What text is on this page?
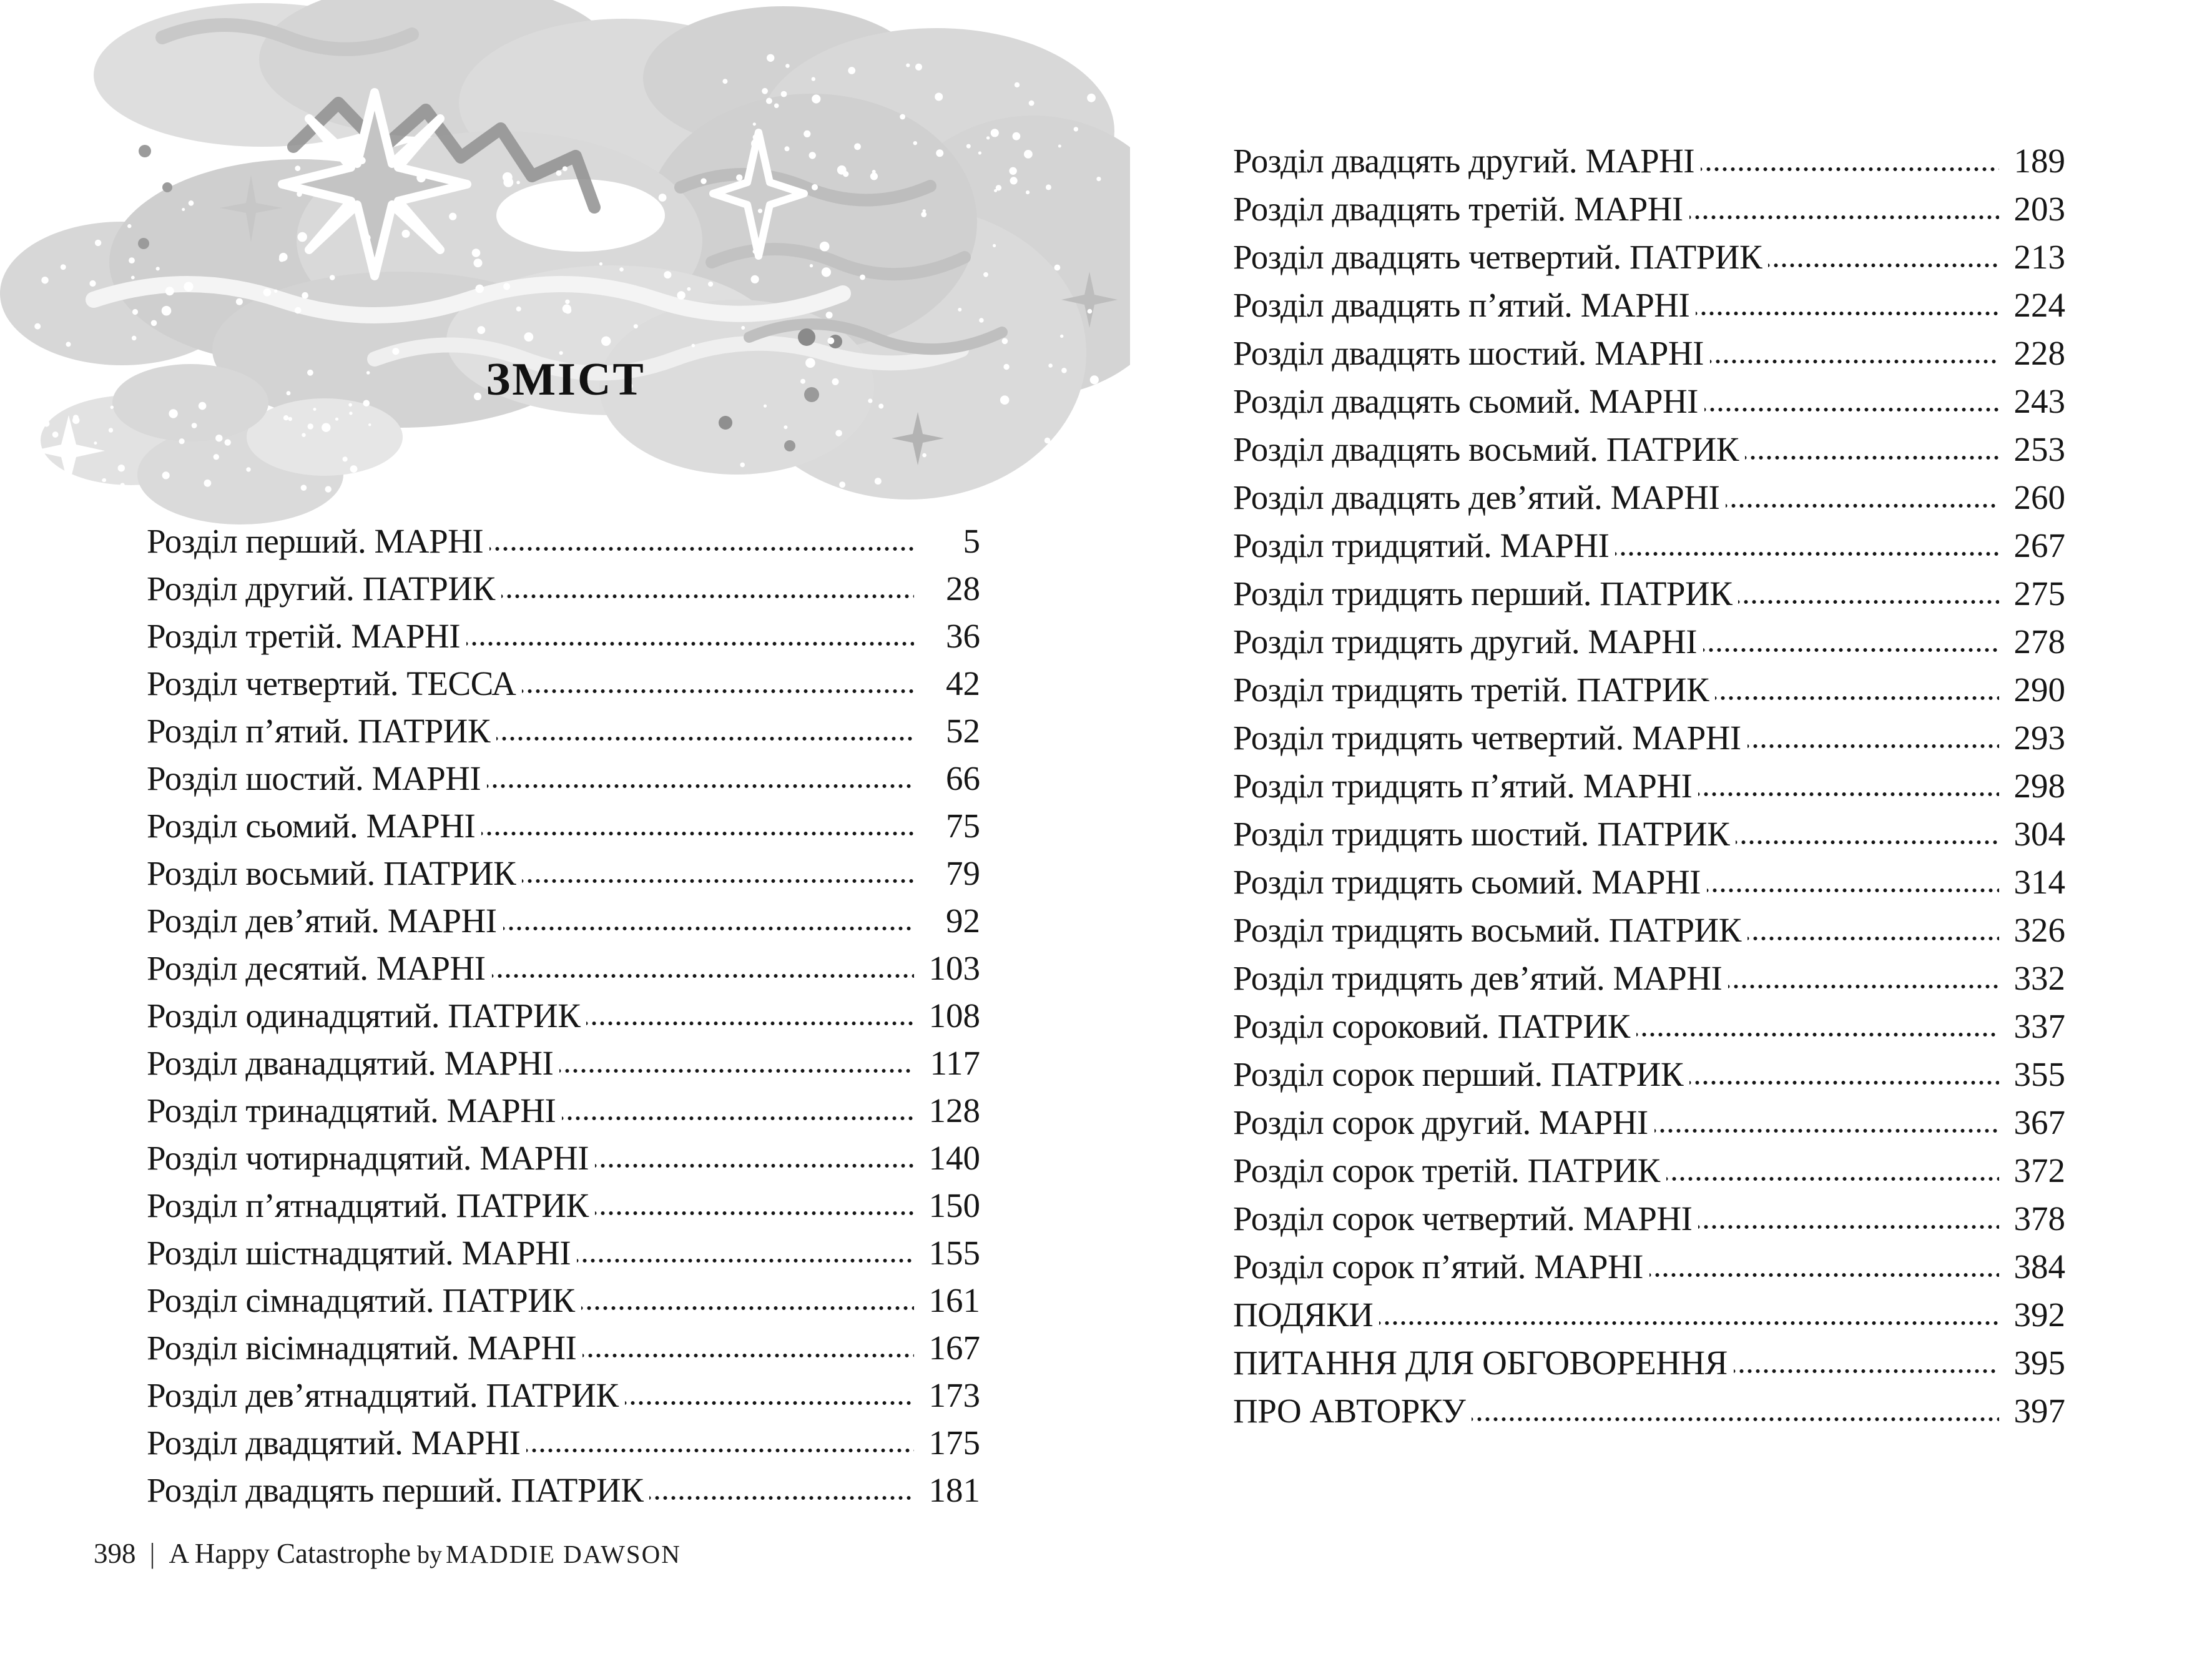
ЗМІСТ
Розділ перший. МАРНІ	5
Розділ другий. ПАТРИК	28
Розділ третій. МАРНІ	36
Розділ четвертий. ТЕССА	42
Розділ п’ятий. ПАТРИК	52
Розділ шостий. МАРНІ	66
Розділ сьомий. МАРНІ	75
Розділ восьмий. ПАТРИК	79
Розділ дев’ятий. МАРНІ	92
Розділ десятий. МАРНІ	103
Розділ одинадцятий. ПАТРИК	108
Розділ дванадцятий. МАРНІ	117
Розділ тринадцятий. МАРНІ	128
Розділ чотирнадцятий. МАРНІ	140
Розділ п’ятнадцятий. ПАТРИК	150
Розділ шістнадцятий. МАРНІ	155
Розділ сімнадцятий. ПАТРИК	161
Розділ вісімнадцятий. МАРНІ	167
Розділ дев’ятнадцятий. ПАТРИК	173
Розділ двадцятий. МАРНІ	175
Розділ двадцять перший. ПАТРИК	181
Розділ двадцять другий. МАРНІ	189
Розділ двадцять третій. МАРНІ	203
Розділ двадцять четвертий. ПАТРИК	213
Розділ двадцять п’ятий. МАРНІ	224
Розділ двадцять шостий. МАРНІ	228
Розділ двадцять сьомий. МАРНІ	243
Розділ двадцять восьмий. ПАТРИК	253
Розділ двадцять дев’ятий. МАРНІ	260
Розділ тридцятий. МАРНІ	267
Розділ тридцять перший. ПАТРИК	275
Розділ тридцять другий. МАРНІ	278
Розділ тридцять третій. ПАТРИК	290
Розділ тридцять четвертий. МАРНІ	293
Розділ тридцять п’ятий. МАРНІ	298
Розділ тридцять шостий. ПАТРИК	304
Розділ тридцять сьомий. МАРНІ	314
Розділ тридцять восьмий. ПАТРИК	326
Розділ тридцять дев’ятий. МАРНІ	332
Розділ сороковий. ПАТРИК	337
Розділ сорок перший. ПАТРИК	355
Розділ сорок другий. МАРНІ	367
Розділ сорок третій. ПАТРИК	372
Розділ сорок четвертий. МАРНІ	378
Розділ сорок п’ятий. МАРНІ	384
ПОДЯКИ	392
ПИТАННЯ ДЛЯ ОБГОВОРЕННЯ	395
ПРО АВТОРКУ	397
398 | A Happy Catastrophe by MADDIE DAWSON
